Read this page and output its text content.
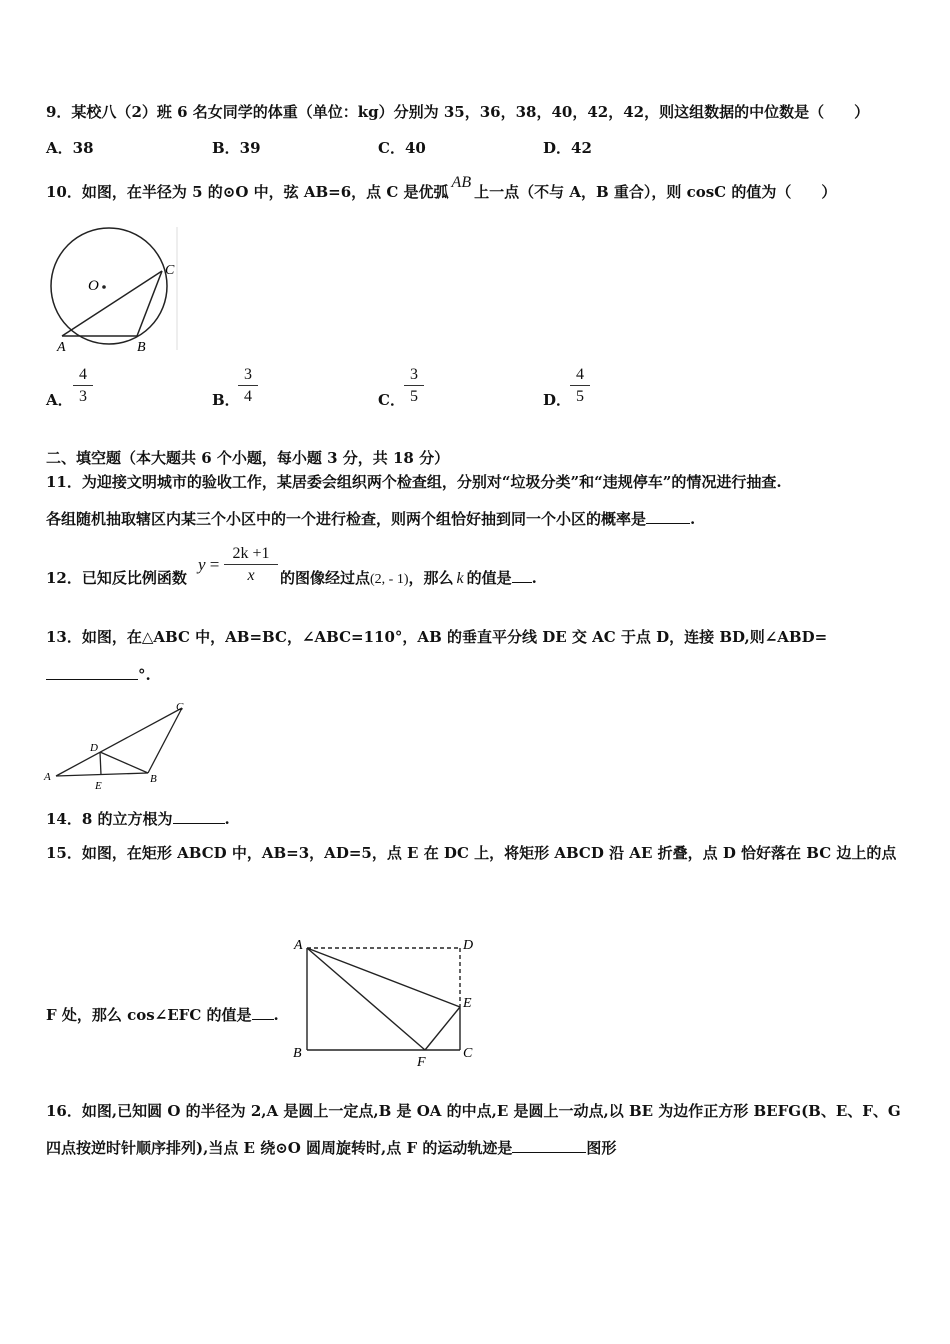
9．某校八（2）班 6 名女同学的体重（单位：kg）分别为 35，36，38，40，42，42，则这组数据的中位数是（　　）
A．38	B．39	C．40	D．42
10．如图，在半径为 5 的⊙O 中，弦 AB=6，点 C 是优弧AB上一点（不与 A，B 重合），则 cosC 的值为（　　）
O
A	B
C
A． $\frac{4}{3}$	B．
$\frac{3}{4}$	C． $\frac{3}{5}$	D．
$\frac{4}{5}$
二、填空题（本大题共 6 个小题，每小题 3 分，共 18 分）
11．为迎接文明城市的验收工作，某居委会组织两个检查组，分别对“垃圾分类”和“违规停车”的情况进行抽查.
各组随机抽取辖区内某三个小区中的一个进行检查，则两个组恰好抽到同一个小区的概率是	.
12．已知反比例函数
$y = \frac{2k +1}{x}$ 的图像经过点(2, - 1)，那么 k 的值是 .
13．如图，在△ABC 中，AB=BC，∠ABC=110°，AB 的垂直平分线 DE 交 AC 于点 D，连接 BD,则∠ABD=
°.
A	B
C
D
E
14．8 的立方根为	.
15．如图，在矩形 ABCD 中，AB=3，AD=5，点 E 在 DC 上，将矩形 ABCD 沿 AE 折叠，点 D 恰好落在 BC 边上的点
F 处，那么 cos∠EFC 的值是 .
A	D
E
B
F
C
16．如图,已知圆 O 的半径为 2,A 是圆上一定点,B 是 OA 的中点,E 是圆上一动点,以 BE 为边作正方形 BEFG(B、E、F、G
四点按逆时针顺序排列),当点 E 绕⊙O 圆周旋转时,点 F 的运动轨迹是	图形
